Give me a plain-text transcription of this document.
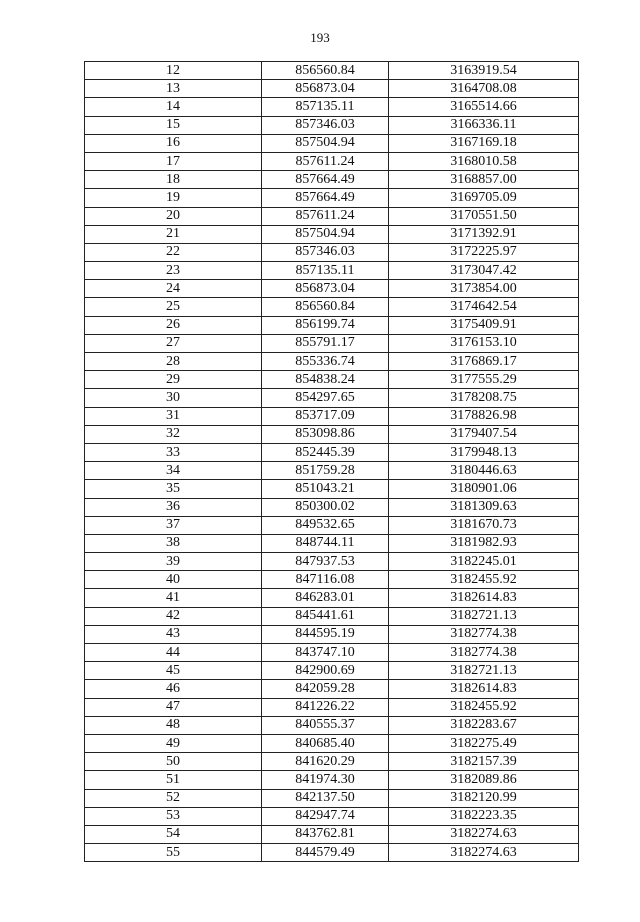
193
12	856560.84	3163919.54
13	856873.04	3164708.08
14	857135.11	3165514.66
15	857346.03	3166336.11
16	857504.94	3167169.18
17	857611.24	3168010.58
18	857664.49	3168857.00
19	857664.49	3169705.09
20	857611.24	3170551.50
21	857504.94	3171392.91
22	857346.03	3172225.97
23	857135.11	3173047.42
24	856873.04	3173854.00
25	856560.84	3174642.54
26	856199.74	3175409.91
27	855791.17	3176153.10
28	855336.74	3176869.17
29	854838.24	3177555.29
30	854297.65	3178208.75
31	853717.09	3178826.98
32	853098.86	3179407.54
33	852445.39	3179948.13
34	851759.28	3180446.63
35	851043.21	3180901.06
36	850300.02	3181309.63
37	849532.65	3181670.73
38	848744.11	3181982.93
39	847937.53	3182245.01
40	847116.08	3182455.92
41	846283.01	3182614.83
42	845441.61	3182721.13
43	844595.19	3182774.38
44	843747.10	3182774.38
45	842900.69	3182721.13
46	842059.28	3182614.83
47	841226.22	3182455.92
48	840555.37	3182283.67
49	840685.40	3182275.49
50	841620.29	3182157.39
51	841974.30	3182089.86
52	842137.50	3182120.99
53	842947.74	3182223.35
54	843762.81	3182274.63
55	844579.49	3182274.63
